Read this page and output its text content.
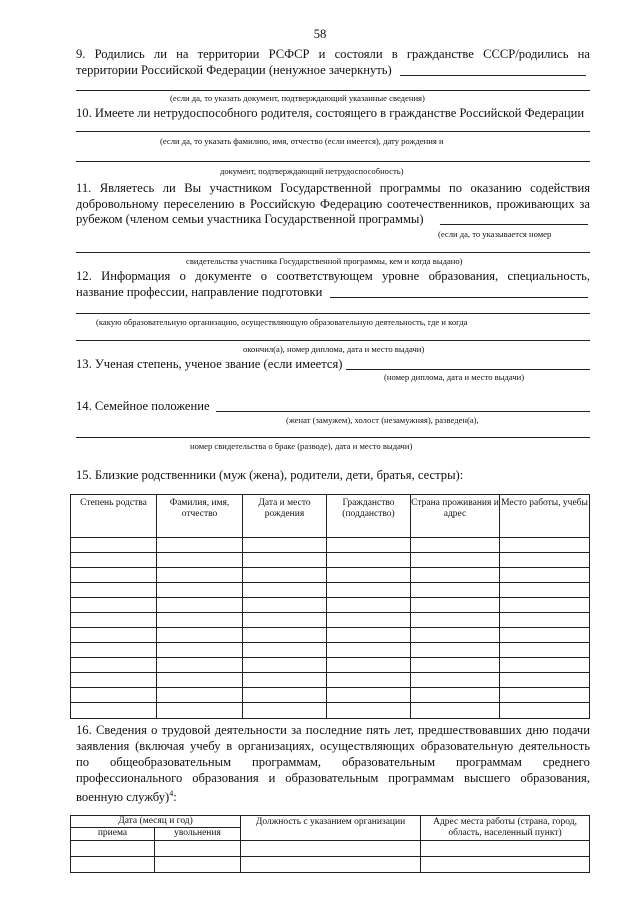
58
9. Родились ли на территории РСФСР и состояли в гражданстве СССР/родились на
территории Российской Федерации (ненужное зачеркнуть)
(если да, то указать документ, подтверждающий указанные сведения)
10. Имеете ли нетрудоспособного родителя, состоящего в гражданстве Российской Федерации
(если да, то указать фамилию, имя, отчество (если имеется), дату рождения и
документ, подтверждающий нетрудоспособность)
11. Являетесь ли Вы участником Государственной программы по оказанию содействия
добровольному переселению в Российскую Федерацию соотечественников, проживающих за
рубежом (членом семьи участника Государственной программы)
(если да, то указывается номер
свидетельства участника Государственной программы, кем и когда выдано)
12. Информация о документе о соответствующем уровне образования, специальность,
название профессии, направление подготовки
(какую образовательную организацию, осуществляющую образовательную деятельность, где и когда
окончил(а), номер диплома, дата и место выдачи)
13. Ученая степень, ученое звание (если имеется)
(номер диплома, дата и место выдачи)
14. Семейное положение
(женат (замужем), холост (незамужняя), разведен(а),
номер свидетельства о браке (разводе), дата и место выдачи)
15. Близкие родственники (муж (жена), родители, дети, братья, сестры):
Степень родства	Фамилия, имя, отчество	Дата и место рождения	Гражданство (подданство)	Страна проживания и адрес	Место работы, учебы

16. Сведения о трудовой деятельности за последние пять лет, предшествовавших дню подачи
заявления (включая учебу в организациях, осуществляющих образовательную деятельность
по общеобразовательным программам, образовательным программам среднего
профессионального образования и образовательным программам высшего образования,
военную службу)$^4$:
Дата (месяц и год)		Должность с указанием организации	Адрес места работы (страна, город, область, населенный пункт)
приема	увольнения		
